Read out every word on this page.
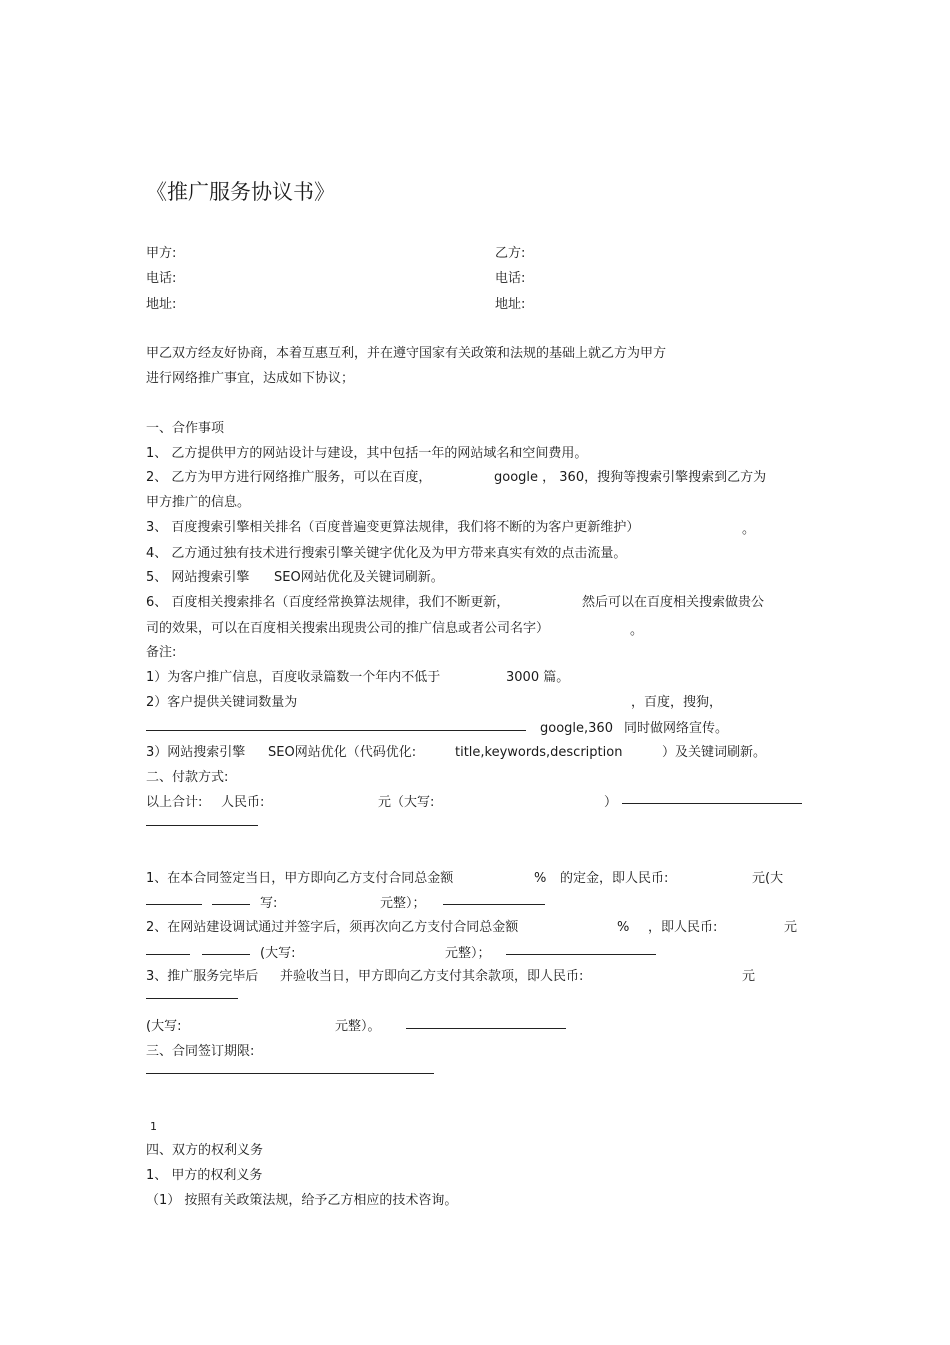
《推广服务协议书》
甲方:	乙方:
电话:	电话:
地址:	地址:
甲乙双方经友好协商，本着互惠互利，并在遵守国家有关政策和法规的基础上就乙方为甲方
进行网络推广事宜，达成如下协议；
一、合作事项
1、 乙方提供甲方的网站设计与建设，其中包括一年的网站域名和空间费用。
2、 乙方为甲方进行网络推广服务，可以在百度，	google ， 360，搜狗等搜索引擎搜索到乙方为
甲方推广的信息。
3、 百度搜索引擎相关排名（百度普遍变更算法规律，我们将不断的为客户更新维护）	。
4、 乙方通过独有技术进行搜索引擎关键字优化及为甲方带来真实有效的点击流量。
5、 网站搜索引擎 SEO网站优化及关键词刷新。
6、 百度相关搜索排名（百度经常换算法规律，我们不断更新，	然后可以在百度相关搜索做贵公
司的效果，可以在百度相关搜索出现贵公司的推广信息或者公司名字）	。
备注:
1）为客户推广信息，百度收录篇数一个年内不低于	3000 篇。
2）客户提供关键词数量为	，百度，搜狗，
google,360 同时做网络宣传。
3）网站搜索引擎 SEO网站优化（代码优化:	title,keywords,description	）及关键词刷新。
二、付款方式:
以上合计: 人民币:	元（大写:	）
1、在本合同签定当日，甲方即向乙方支付合同总金额	% 的定金，即人民币:	元(大
写:	元整）；
2、在网站建设调试通过并签字后，须再次向乙方支付合同总金额	% ，即人民币:	元
(大写:	元整）；
3、推广服务完毕后 并验收当日，甲方即向乙方支付其余款项，即人民币:	元
(大写:	元整）。
三、合同签订期限:
1
四、双方的权利义务
1、 甲方的权利义务
（1） 按照有关政策法规，给予乙方相应的技术咨询。
